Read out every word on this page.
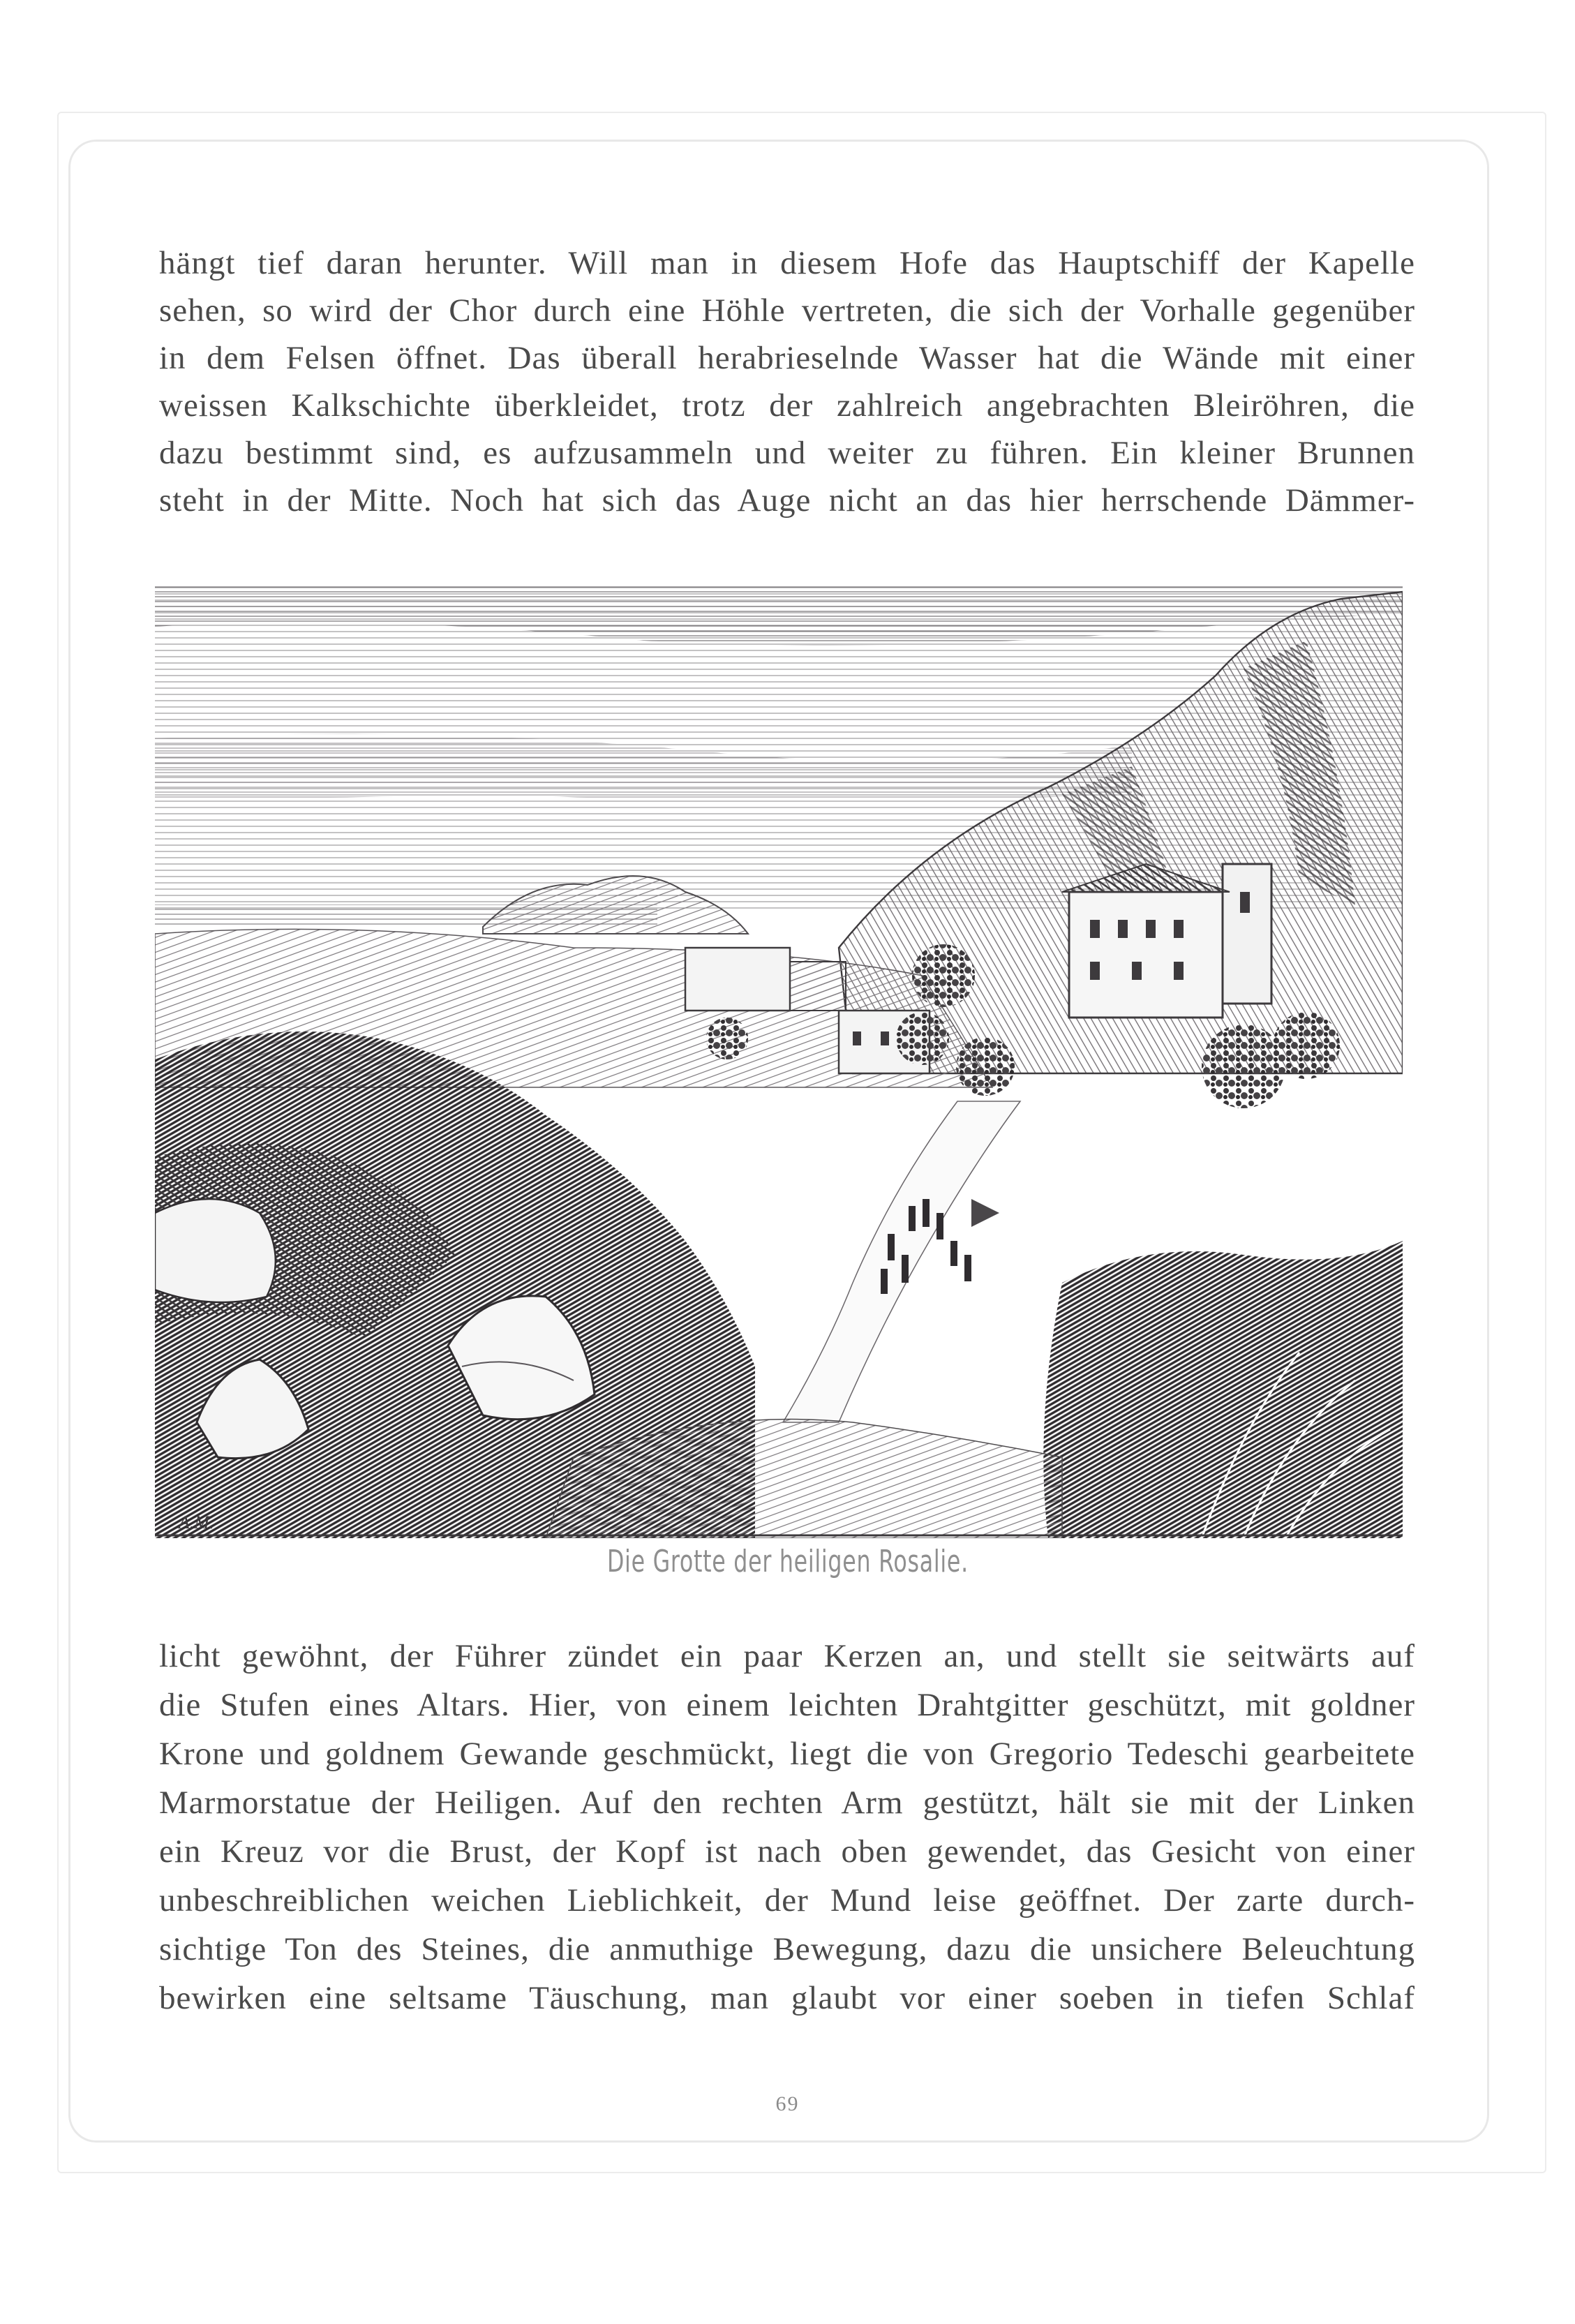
hängt tief daran herunter. Will man in diesem Hofe das Hauptschiff der Kapelle

sehen, so wird der Chor durch eine Höhle vertreten, die sich der Vorhalle gegenüber

in dem Felsen öffnet. Das überall herabrieselnde Wasser hat die Wände mit einer

weissen Kalkschichte überkleidet, trotz der zahlreich angebrachten Bleiröhren, die

dazu bestimmt sind, es aufzusammeln und weiter zu führen. Ein kleiner Brunnen

steht in der Mitte. Noch hat sich das Auge nicht an das hier herrschende Dämmer-

A.M.
Die Grotte der heiligen Rosalie.

licht gewöhnt, der Führer zündet ein paar Kerzen an, und stellt sie seitwärts auf

die Stufen eines Altars. Hier, von einem leichten Drahtgitter geschützt, mit goldner

Krone und goldnem Gewande geschmückt, liegt die von Gregorio Tedeschi gearbeitete

Marmorstatue der Heiligen. Auf den rechten Arm gestützt, hält sie mit der Linken

ein Kreuz vor die Brust, der Kopf ist nach oben gewendet, das Gesicht von einer

unbeschreiblichen weichen Lieblichkeit, der Mund leise geöffnet. Der zarte durch-

sichtige Ton des Steines, die anmuthige Bewegung, dazu die unsichere Beleuchtung

bewirken eine seltsame Täuschung, man glaubt vor einer soeben in tiefen Schlaf

69
